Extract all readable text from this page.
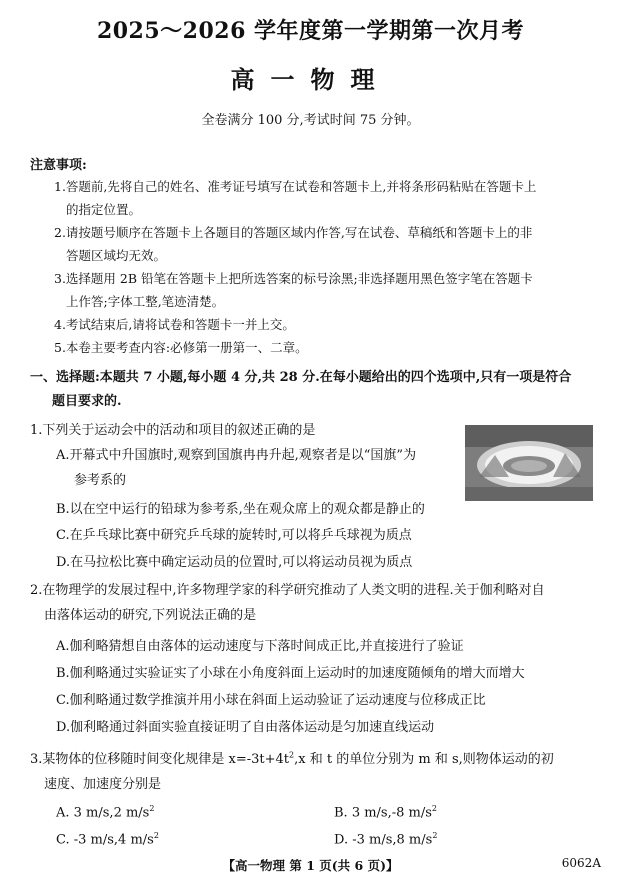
2025～2026 学年度第一学期第一次月考
高一物理
全卷满分 100 分,考试时间 75 分钟。
注意事项:
1.答题前,先将自己的姓名、准考证号填写在试卷和答题卡上,并将条形码粘贴在答题卡上
的指定位置。
2.请按题号顺序在答题卡上各题目的答题区域内作答,写在试卷、草稿纸和答题卡上的非
答题区域均无效。
3.选择题用 2B 铅笔在答题卡上把所选答案的标号涂黑;非选择题用黑色签字笔在答题卡
上作答;字体工整,笔迹清楚。
4.考试结束后,请将试卷和答题卡一并上交。
5.本卷主要考查内容:必修第一册第一、二章。
一、选择题:本题共 7 小题,每小题 4 分,共 28 分.在每小题给出的四个选项中,只有一项是符合
题目要求的.
1.下列关于运动会中的活动和项目的叙述正确的是
A.开幕式中升国旗时,观察到国旗冉冉升起,观察者是以“国旗”为
参考系的
B.以在空中运行的铅球为参考系,坐在观众席上的观众都是静止的
C.在乒乓球比赛中研究乒乓球的旋转时,可以将乒乓球视为质点
D.在马拉松比赛中确定运动员的位置时,可以将运动员视为质点
2.在物理学的发展过程中,许多物理学家的科学研究推动了人类文明的进程.关于伽利略对自
由落体运动的研究,下列说法正确的是
A.伽利略猜想自由落体的运动速度与下落时间成正比,并直接进行了验证
B.伽利略通过实验证实了小球在小角度斜面上运动时的加速度随倾角的增大而增大
C.伽利略通过数学推演并用小球在斜面上运动验证了运动速度与位移成正比
D.伽利略通过斜面实验直接证明了自由落体运动是匀加速直线运动
3.某物体的位移随时间变化规律是 $x=-3t+4t^2,x$ 和 t 的单位分别为 m 和 s,则物体运动的初
速度、加速度分别是
A. 3 m/s,2 $m/s^2$	B. 3 m/s,-8 $m/s^2$
C. -3 m/s,4 $m/s^2$	D. -3 m/s,8 $m/s^2$
【高一物理 第 1 页(共 6 页)】	6062A
